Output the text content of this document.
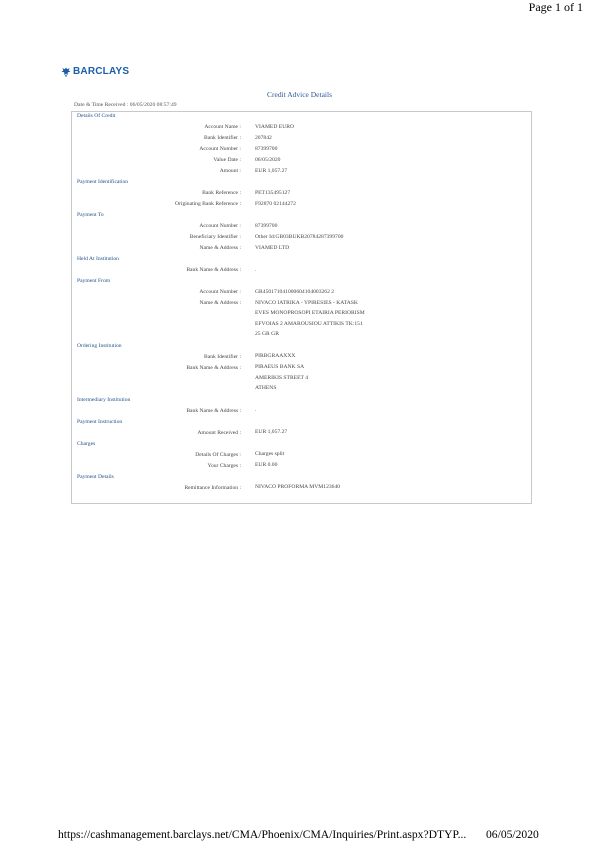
Page 1 of 1
BARCLAYS
Credit Advice Details
Date & Time Received : 06/05/2020 08:57:49
Details Of Credit
Account Name :	VIAMED EURO
Bank Identifier :	207842
Account Number :	87399700
Value Date :	06/05/2020
Amount :	EUR 1,057.27
Payment Identification
Bank Reference :	PET135495127
Originating Bank Reference :	F92870 02144272
Payment To
Account Number :	87399700
Beneficiary Identifier :	Other Id:GB03BUKB20784287399700
Name & Address :	VIAMED LTD
Held At Institution
Bank Name & Address :	.
Payment From
Account Number :	GR450171041000604104003262 2
Name & Address :	NIVACO IATRIKA - YPIRESIES - KATASK
EVES MONOPROSOPI ETAIRIA PERIORISM
EFVOIAS 2 AMAROUSIOU ATTIKIS TK:151
25 GR GR
Ordering Institution
Bank Identifier :	PIRBGRAAXXX
Bank Name & Address :	PIRAEUS BANK SA
AMERIKIS STREET 4
ATHENS
Intermediary Institution
Bank Name & Address :	.
Payment Instruction
Amount Received :	EUR 1,057.27
Charges
Details Of Charges :	Charges split
Your Charges :	EUR 0.00
Payment Details
Remittance Information :	NIVACO PROFORMA MVM123640
https://cashmanagement.barclays.net/CMA/Phoenix/CMA/Inquiries/Print.aspx?DTYP... 06/05/2020
